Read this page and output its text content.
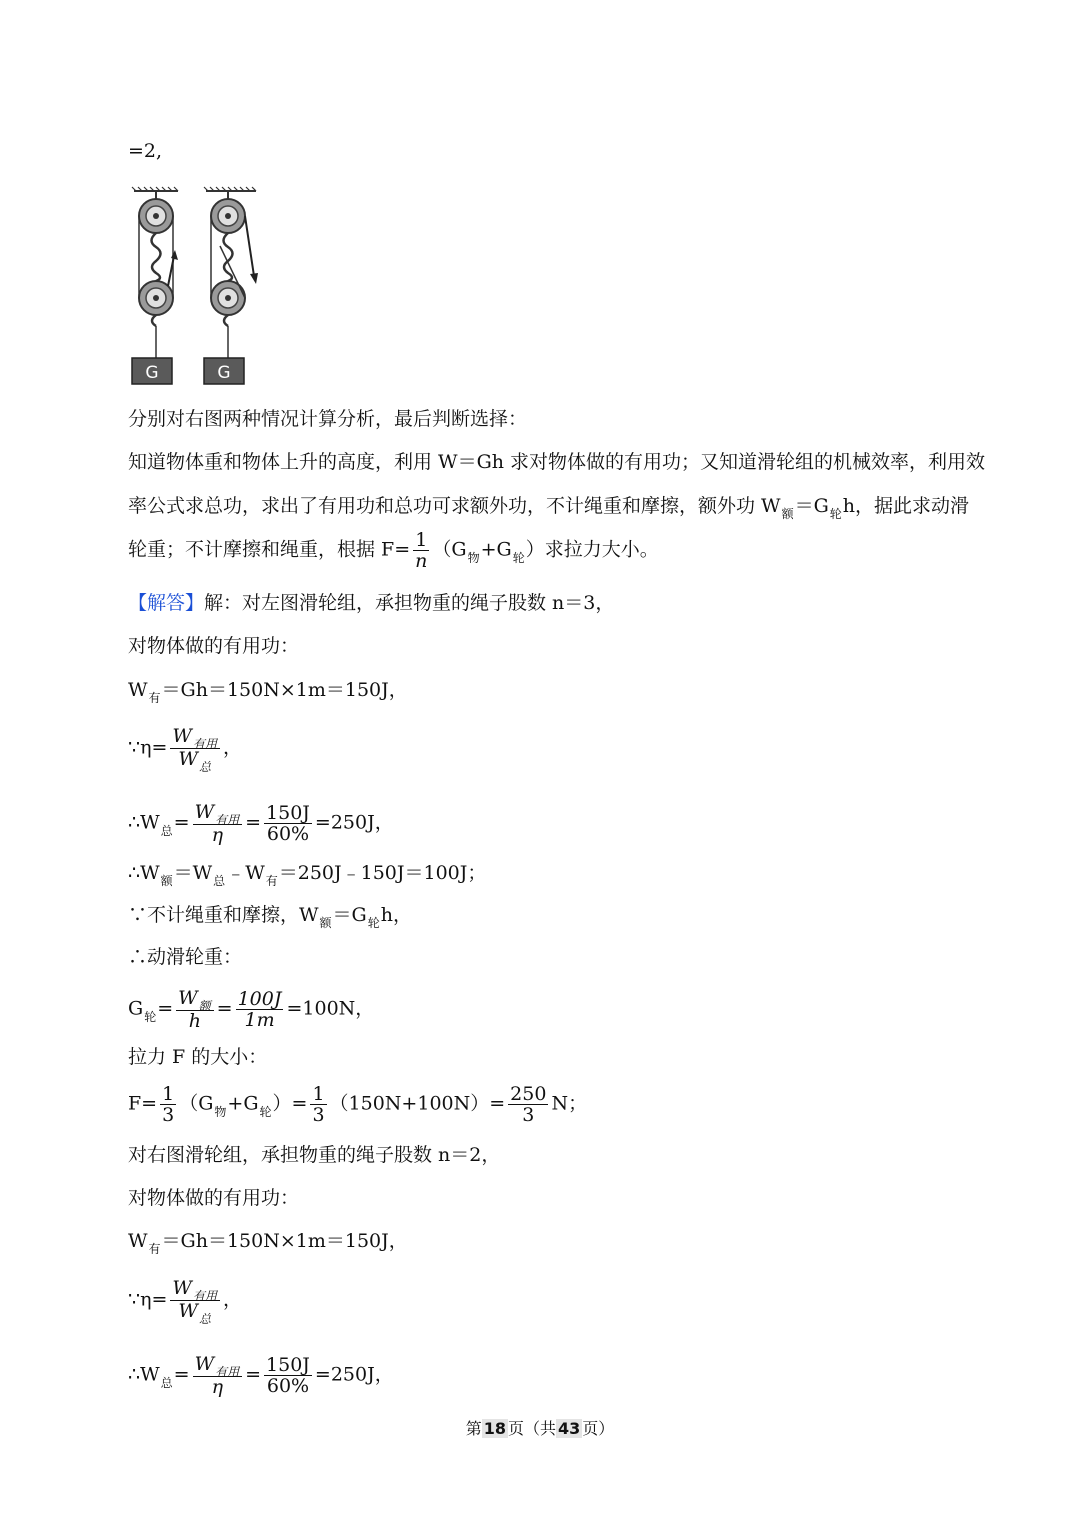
=2,
G	G
分别对右图两种情况计算分析，最后判断选择：
知道物体重和物体上升的高度，利用 W＝Gh 求对物体做的有用功；又知道滑轮组的机械效率，利用效
率公式求总功，求出了有用功和总功可求额外功，不计绳重和摩擦，额外功 $W_额=G_轮h$，据此求动滑
轮重；不计摩擦和绳重，根据 $F= \frac{1}{n} (G_物+G_轮)$求拉力大小。
【解答】解：对左图滑轮组，承担物重的绳子股数 n＝3，
对物体做的有用功：
$W_有=Gh=150N\times 1m=150J$，
∵η= $\frac{W_{有用}}{W_总}$ ，
$\therefore W_总= \frac{W_{有用}}{\eta} = \frac{150J}{60\%} =250J$，
$\therefore W_额=W_总﹣W_有=250J﹣150J=100J$；
∵不计绳重和摩擦，$W_额=G_轮h$，
∴动滑轮重：
$G_轮= \frac{W_额}{h} = \frac{100J}{1m} =100N$，
拉力 F 的大小：
$F= \frac{1}{3} (G_物+G_轮)= \frac{1}{3} (150N+100N)= \frac{250}{3}$ N；
对右图滑轮组，承担物重的绳子股数 n＝2，
对物体做的有用功：
$W_有=Gh=150N\times 1m=150J$，
∵η= $\frac{W_{有用}}{W_总}$ ，
$\therefore W_总= \frac{W_{有用}}{\eta} = \frac{150J}{60\%} =250J$，
第 18 页（共 43 页）
